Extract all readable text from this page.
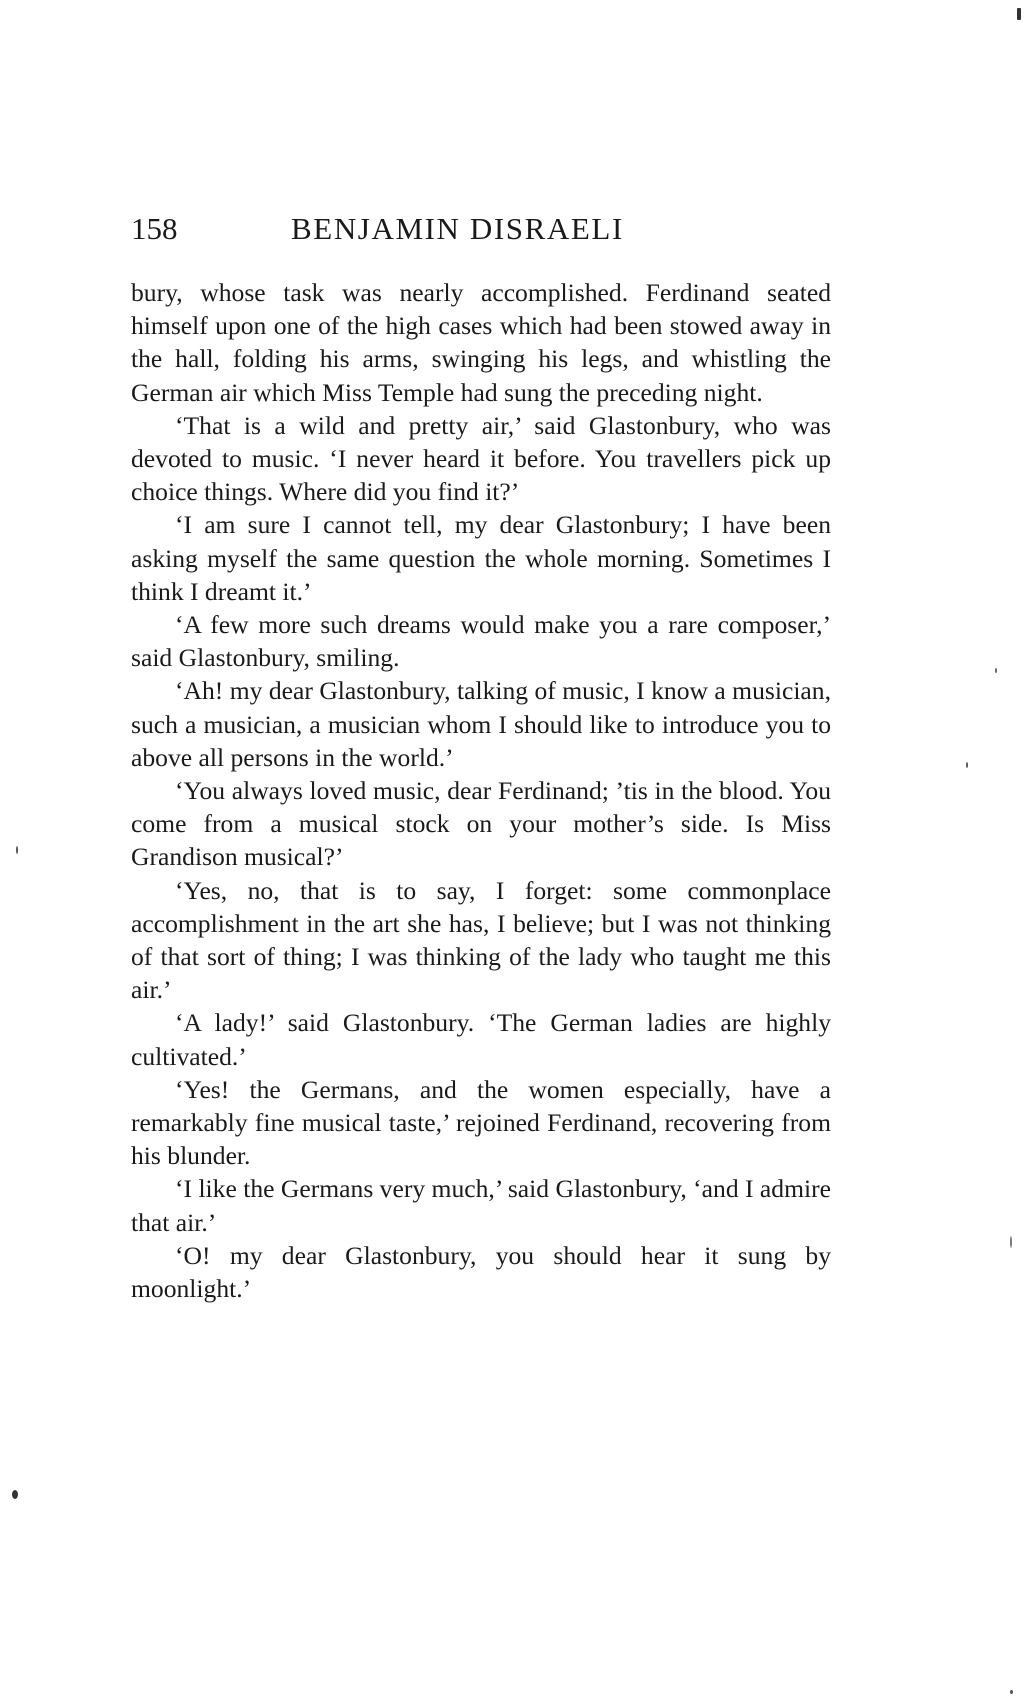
158	BENJAMIN DISRAELI

bury, whose task was nearly accomplished. Ferdinand seated himself upon one of the high cases which had been stowed away in the hall, folding his arms, swinging his legs, and whistling the German air which Miss Temple had sung the preceding night.

‘That is a wild and pretty air,’ said Glastonbury, who was devoted to music. ‘I never heard it before. You travellers pick up choice things. Where did you find it?’

‘I am sure I cannot tell, my dear Glastonbury; I have been asking myself the same question the whole morning. Sometimes I think I dreamt it.’

‘A few more such dreams would make you a rare composer,’ said Glastonbury, smiling.

‘Ah! my dear Glastonbury, talking of music, I know a musician, such a musician, a musician whom I should like to introduce you to above all persons in the world.’

‘You always loved music, dear Ferdinand; ’tis in the blood. You come from a musical stock on your mother’s side. Is Miss Grandison musical?’

‘Yes, no, that is to say, I forget: some commonplace accomplishment in the art she has, I believe; but I was not thinking of that sort of thing; I was thinking of the lady who taught me this air.’

‘A lady!’ said Glastonbury. ‘The German ladies are highly cultivated.’

‘Yes! the Germans, and the women especially, have a remarkably fine musical taste,’ rejoined Ferdinand, recovering from his blunder.

‘I like the Germans very much,’ said Glastonbury, ‘and I admire that air.’

‘O! my dear Glastonbury, you should hear it sung by moonlight.’
